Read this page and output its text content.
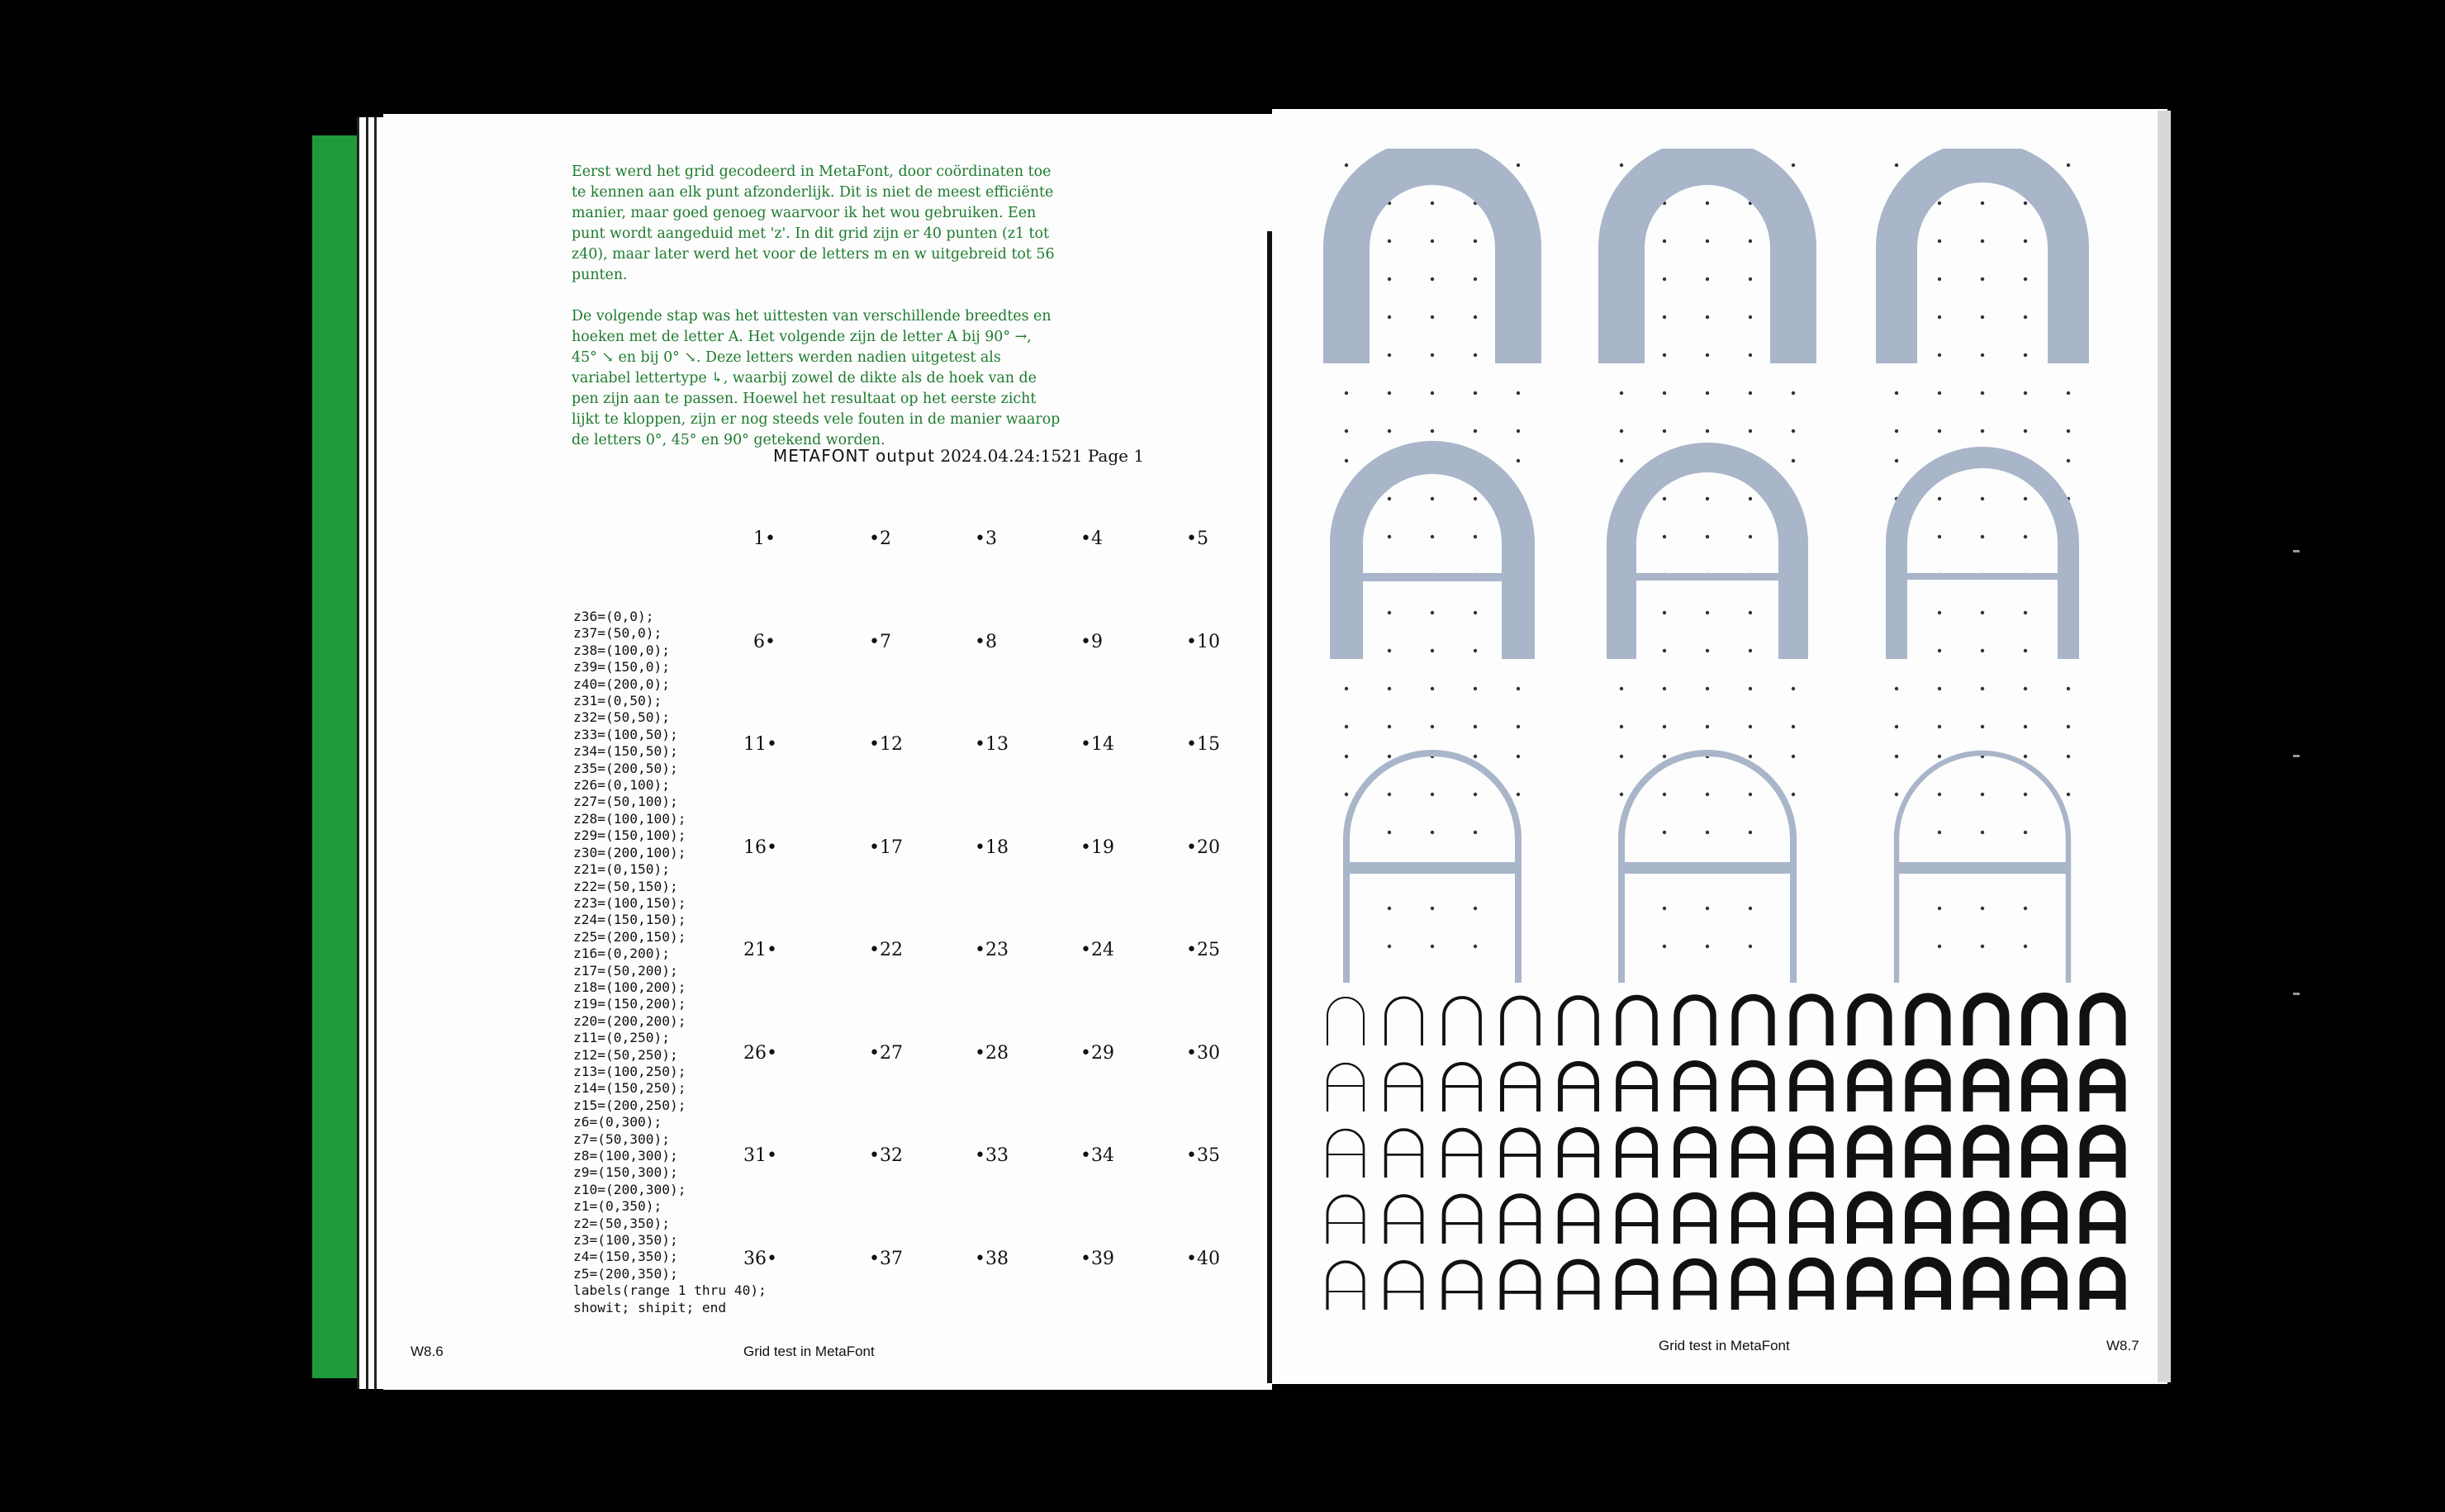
Eerst werd het grid gecodeerd in MetaFont, door coördinaten toe te kennen aan elk punt afzonderlijk. Dit is niet de meest efficiënte manier, maar goed genoeg waarvoor ik het wou gebruiken. Een punt wordt aangeduid met 'z'. In dit grid zijn er 40 punten (z1 tot z40), maar later werd het voor de letters m en w uitgebreid tot 56 punten.

De volgende stap was het uittesten van verschillende breedtes en hoeken met de letter A. Het volgende zijn de letter A bij 90° →, 45° ↘ en bij 0° ↘. Deze letters werden nadien uitgetest als variabel lettertype ↳, waarbij zowel de dikte als de hoek van de pen zijn aan te passen. Hoewel het resultaat op het eerste zicht lijkt te kloppen, zijn er nog steeds vele fouten in de manier waarop de letters 0°, 45° en 90° getekend worden.

METAFONT output 2024.04.24:1521 Page 1
1•	•2	•3	•4	•5
6•	•7	•8	•9	•10
11•	•12	•13	•14	•15
16•	•17	•18	•19	•20
21•	•22	•23	•24	•25
26•	•27	•28	•29	•30
31•	•32	•33	•34	•35
36•	•37	•38	•39	•40
z36=(0,0);
z37=(50,0);
z38=(100,0);
z39=(150,0);
z40=(200,0);
z31=(0,50);
z32=(50,50);
z33=(100,50);
z34=(150,50);
z35=(200,50);
z26=(0,100);
z27=(50,100);
z28=(100,100);
z29=(150,100);
z30=(200,100);
z21=(0,150);
z22=(50,150);
z23=(100,150);
z24=(150,150);
z25=(200,150);
z16=(0,200);
z17=(50,200);
z18=(100,200);
z19=(150,200);
z20=(200,200);
z11=(0,250);
z12=(50,250);
z13=(100,250);
z14=(150,250);
z15=(200,250);
z6=(0,300);
z7=(50,300);
z8=(100,300);
z9=(150,300);
z10=(200,300);
z1=(0,350);
z2=(50,350);
z3=(100,350);
z4=(150,350);
z5=(200,350);
labels(range 1 thru 40);
showit; shipit; end
W8.6	Grid test in MetaFont	Grid test in MetaFont	W8.7
